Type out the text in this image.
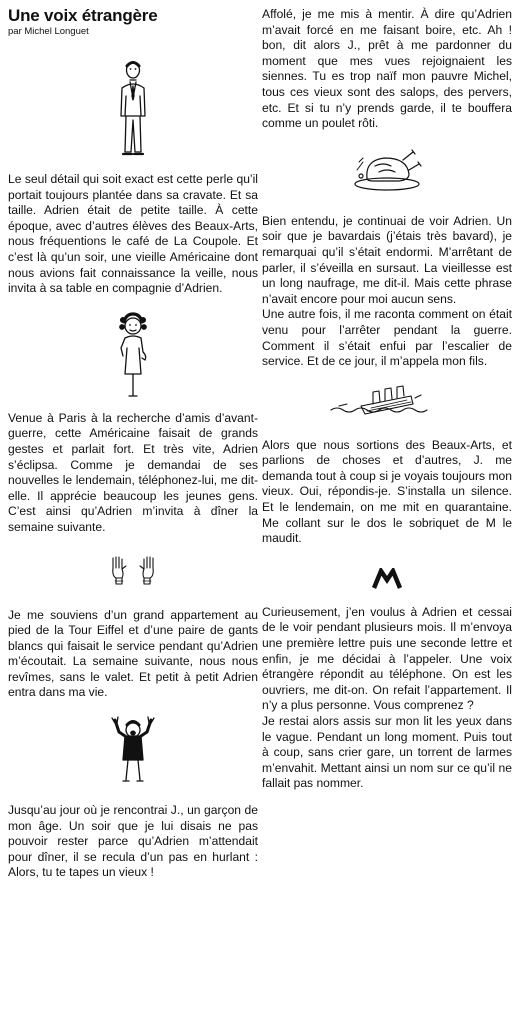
Une voix étrangère
par Michel Longuet

Le seul détail qui soit exact est cette perle qu’il portait toujours plantée dans sa cravate. Et sa taille. Adrien était de petite taille. À cette époque, avec d’autres élèves des Beaux-Arts, nous fréquentions le café de La Coupole. Et c’est là qu’un soir, une vieille Américaine dont nous avions fait connaissance la veille, nous invita à sa table en compagnie d’Adrien.

Venue à Paris à la recherche d’amis d’avant-guerre, cette Américaine faisait de grands gestes et parlait fort. Et très vite, Adrien s’éclipsa. Comme je demandai de ses nouvelles le lendemain, téléphonez-lui, me dit-elle. Il apprécie beaucoup les jeunes gens. C’est ainsi qu’Adrien m’invita à dîner la semaine suivante.

Je me souviens d’un grand appartement au pied de la Tour Eiffel et d’une paire de gants blancs qui faisait le service pendant qu’Adrien m’écoutait. La semaine suivante, nous nous revîmes, sans le valet. Et petit à petit Adrien entra dans ma vie.

Jusqu’au jour où je rencontrai J., un garçon de mon âge. Un soir que je lui disais ne pas pouvoir rester parce qu’Adrien m’attendait pour dîner, il se recula d’un pas en hurlant : Alors, tu te tapes un vieux !

Affolé, je me mis à mentir. À dire qu’Adrien m’avait forcé en me faisant boire, etc. Ah ! bon, dit alors J., prêt à me pardonner du moment que mes vues rejoignaient les siennes. Tu es trop naïf mon pauvre Michel, tous ces vieux sont des salops, des pervers, etc. Et si tu n’y prends garde, il te bouffera comme un poulet rôti.

Bien entendu, je continuai de voir Adrien. Un soir que je bavardais (j’étais très bavard), je remarquai qu’il s’était endormi. M’arrêtant de parler, il s’éveilla en sursaut. La vieillesse est un long naufrage, me dit-il. Mais cette phrase n’avait encore pour moi aucun sens.

Une autre fois, il me raconta comment on était venu pour l’arrêter pendant la guerre. Comment il s’était enfui par l’escalier de service. Et de ce jour, il m’appela mon fils.

Alors que nous sortions des Beaux-Arts, et parlions de choses et d’autres, J. me demanda tout à coup si je voyais toujours mon vieux. Oui, répondis-je. S’installa un silence. Et le lendemain, on me mit en quarantaine. Me collant sur le dos le sobriquet de M le maudit.

Curieusement, j’en voulus à Adrien et cessai de le voir pendant plusieurs mois. Il m’envoya une première lettre puis une seconde lettre et enfin, je me décidai à l’appeler. Une voix étrangère répondit au téléphone. On est les ouvriers, me dit-on. On refait l’appartement. Il n’y a plus personne. Vous comprenez ?

Je restai alors assis sur mon lit les yeux dans le vague. Pendant un long moment. Puis tout à coup, sans crier gare, un torrent de larmes m’envahit. Mettant ainsi un nom sur ce qu’il ne fallait pas nommer.
